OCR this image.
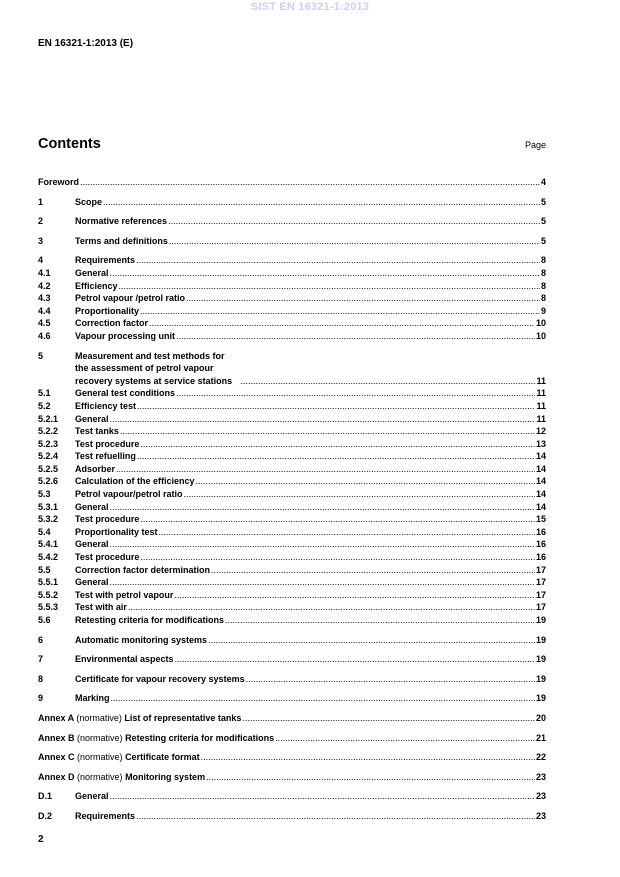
SIST EN 16321-1:2013
EN 16321-1:2013 (E)
Contents	Page
Foreword .....	4
1	Scope .....	5
2	Normative references .....	5
3	Terms and definitions .....	5
4	Requirements .....	8
4.1	General .....	8
4.2	Efficiency .....	8
4.3	Petrol vapour /petrol ratio .....	8
4.4	Proportionality .....	9
4.5	Correction factor .....	10
4.6	Vapour processing unit .....	10
5	Measurement and test methods for the assessment of petrol vapour recovery systems at service stations .....	11
5.1	General test conditions .....	11
5.2	Efficiency test .....	11
5.2.1 General .....	11
5.2.2 Test tanks .....	12
5.2.3 Test procedure .....	13
5.2.4 Test refuelling .....	14
5.2.5 Adsorber .....	14
5.2.6 Calculation of the efficiency .....	14
5.3	Petrol vapour/petrol ratio .....	14
5.3.1 General .....	14
5.3.2 Test procedure .....	15
5.4	Proportionality test .....	16
5.4.1 General .....	16
5.4.2 Test procedure .....	16
5.5	Correction factor determination .....	17
5.5.1 General .....	17
5.5.2 Test with petrol vapour .....	17
5.5.3 Test with air .....	17
5.6	Retesting criteria for modifications .....	19
6	Automatic monitoring systems .....	19
7	Environmental aspects .....	19
8	Certificate for vapour recovery systems .....	19
9	Marking .....	19
Annex A (normative) List of representative tanks .....	20
Annex B (normative) Retesting criteria for modifications .....	21
Annex C (normative) Certificate format .....	22
Annex D (normative) Monitoring system .....	23
D.1	General .....	23
D.2	Requirements .....	23
2
